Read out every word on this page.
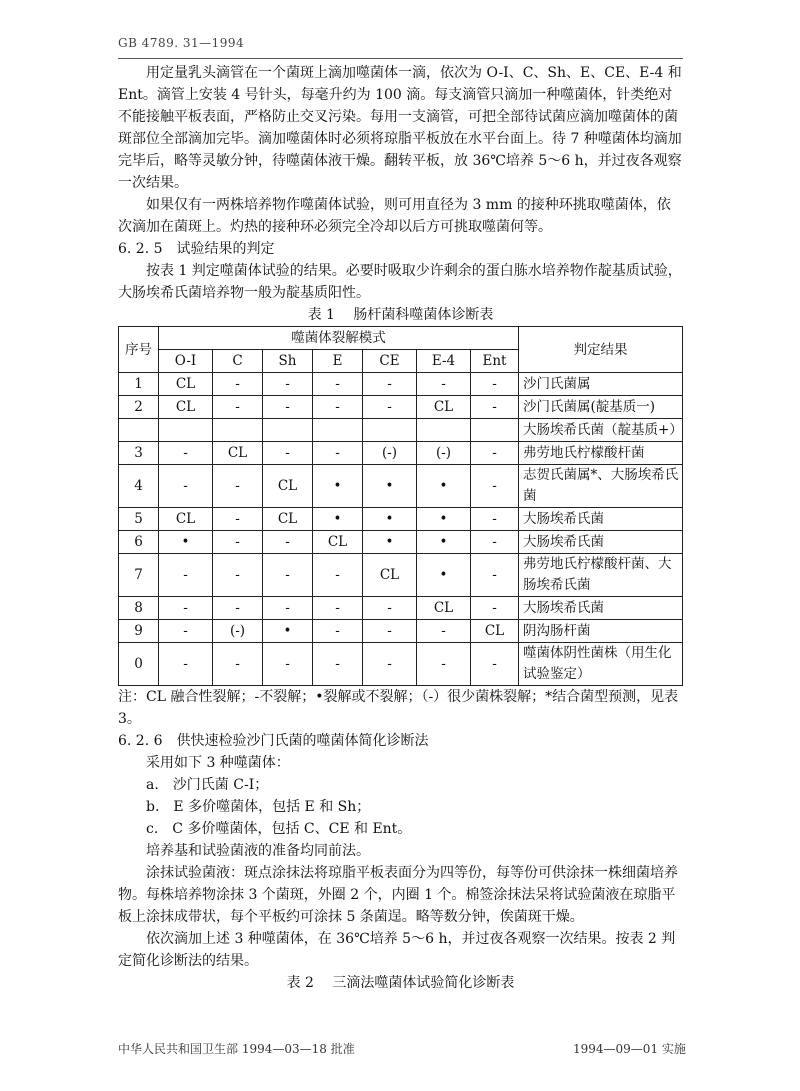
GB 4789. 31—1994

用定量乳头滴管在一个菌斑上滴加噬菌体一滴，依次为 O-I、C、Sh、E、CE、E-4 和 Ent。滴管上安装 4 号针头，每毫升约为 100 滴。每支滴管只滴加一种噬菌体，针类绝对不能接触平板表面，严格防止交叉污染。每用一支滴管，可把全部待试菌应滴加噬菌体的菌斑部位全部滴加完毕。滴加噬菌体时必须将琼脂平板放在水平台面上。待 7 种噬菌体均滴加完毕后，略等灵敏分钟，待噬菌体液干燥。翻转平板，放 36℃培养 5～6 h，并过夜各观察一次结果。

如果仅有一两株培养物作噬菌体试验，则可用直径为 3 mm 的接种环挑取噬菌体，依次滴加在菌斑上。灼热的接种环必须完全冷却以后方可挑取噬菌何等。

6. 2. 5　试验结果的判定

按表 1 判定噬菌体试验的结果。必要时吸取少许剩余的蛋白胨水培养物作靛基质试验，大肠埃希氏菌培养物一般为靛基质阳性。

表 1　 肠杆菌科噬菌体诊断表

序号	噬菌体裂解模式							判定结果
	O-I	C	Sh	E	CE	E-4	Ent	
1	CL	-	-	-	-	-	-	沙门氏菌属
2	CL	-	-	-	-	CL	-	沙门氏菌属(靛基质一)
								大肠埃希氏菌（靛基质+）
3	-	CL	-	-	(-)	(-)	-	弗劳地氏柠檬酸杆菌
4	-	-	CL	•	•	•	-	志贺氏菌属*、大肠埃希氏菌
5	CL	-	CL	•	•	•	-	大肠埃希氏菌
6	•	-	-	CL	•	•	-	大肠埃希氏菌
7	-	-	-	-	CL	•	-	弗劳地氏柠檬酸杆菌、大肠埃希氏菌
8	-	-	-	-	-	CL	-	大肠埃希氏菌
9	-	(-)	•	-	-	-	CL	阴沟肠杆菌
0	-	-	-	-	-	-	-	噬菌体阴性菌株（用生化试验鉴定）

注：CL 融合性裂解；-不裂解；•裂解或不裂解；（-）很少菌株裂解；*结合菌型预测，见表 3。

6. 2. 6　供快速检验沙门氏菌的噬菌体简化诊断法

采用如下 3 种噬菌体：

a.　沙门氏菌 C-I；

b.　E 多价噬菌体，包括 E 和 Sh；

c.　C 多价噬菌体，包括 C、CE 和 Ent。

培养基和试验菌液的准备均同前法。

涂抹试验菌液：斑点涂抹法将琼脂平板表面分为四等份，每等份可供涂抹一株细菌培养物。每株培养物涂抹 3 个菌斑，外圈 2 个，内圈 1 个。棉签涂抹法呆将试验菌液在琼脂平板上涂抹成带状，每个平板约可涂抹 5 条菌逞。略等数分钟，俟菌斑干燥。

依次滴加上述 3 种噬菌体，在 36℃培养 5～6 h，并过夜各观察一次结果。按表 2 判定简化诊断法的结果。

表 2　 三滴法噬菌体试验简化诊断表

中华人民共和国卫生部 1994—03—18 批准	1994—09—01 实施
